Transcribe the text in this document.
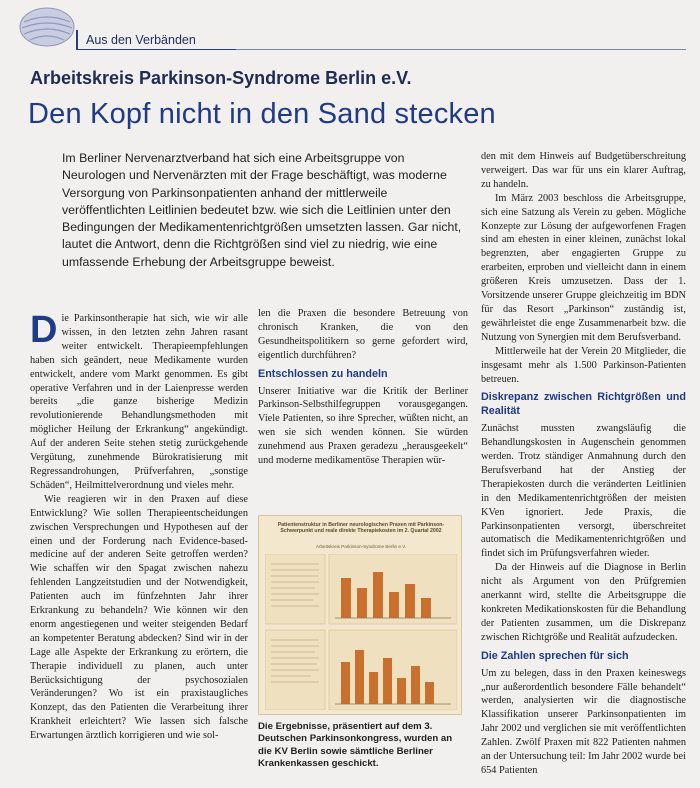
Aus den Verbänden
Arbeitskreis Parkinson-Syndrome Berlin e.V.
Den Kopf nicht in den Sand stecken
Im Berliner Nervenarztverband hat sich eine Arbeitsgruppe von Neurologen und Nervenärzten mit der Frage beschäftigt, was moderne Versorgung von Parkinsonpatienten anhand der mittlerweile veröffentlichten Leitlinien bedeutet bzw. wie sich die Leitlinien unter den Bedingungen der Medikamentenrichtgrößen umsetzten lassen. Gar nicht, lautet die Antwort, denn die Richtgrößen sind viel zu niedrig, wie eine umfassende Erhebung der Arbeitsgruppe beweist.

Die Parkinsontherapie hat sich, wie wir alle wissen, in den letzten zehn Jahren rasant weiter entwickelt. Therapieempfehlungen haben sich geändert, neue Medikamente wurden entwickelt, andere vom Markt genommen. Es gibt operative Verfahren und in der Laienpresse werden bereits „die ganze bisherige Medizin revolutionierende Behandlungsmethoden mit möglicher Heilung der Erkrankung“ angekündigt. Auf der anderen Seite stehen stetig zurückgehende Vergütung, zunehmende Bürokratisierung mit Regressandrohungen, Prüfverfahren, „sonstige Schäden“, Heilmittelverordnung und vieles mehr.

Wie reagieren wir in den Praxen auf diese Entwicklung? Wie sollen Therapieentscheidungen zwischen Versprechungen und Hypothesen auf der einen und der Forderung nach Evidence-based-medicine auf der anderen Seite getroffen werden? Wie schaffen wir den Spagat zwischen nahezu fehlenden Langzeitstudien und der Notwendigkeit, Patienten auch im fünfzehnten Jahr ihrer Erkrankung zu behandeln? Wie können wir den enorm angestiegenen und weiter steigenden Bedarf an kompetenter Beratung abdecken? Sind wir in der Lage alle Aspekte der Erkrankung zu erörtern, die Therapie individuell zu planen, auch unter Berücksichtigung der psychosozialen Veränderungen? Wo ist ein praxistaugliches Konzept, das den Patienten die Verarbeitung ihrer Krankheit erleichtert? Wie lassen sich falsche Erwartungen ärztlich korrigieren und wie sol-

len die Praxen die besondere Betreuung von chronisch Kranken, die von den Gesundheitspolitikern so gerne gefordert wird, eigentlich durchführen?

Entschlossen zu handeln

Unserer Initiative war die Kritik der Berliner Parkinson-Selbsthilfegruppen vorausgegangen. Viele Patienten, so ihre Sprecher, wüßten nicht, an wen sie sich wenden können. Sie würden zunehmend aus Praxen geradezu „herausgeekelt“ und moderne medikamentöse Therapien wür-

Patientenstruktur in Berliner neurologischen Praxen mit Parkinson-Schwerpunkt und reale direkte Therapiekosten im 2. Quartal 2002
Arbeitskreis Parkinson-Syndrome Berlin e.V.
Die Ergebnisse, präsentiert auf dem 3. Deutschen Parkinsonkongress, wurden an die KV Berlin sowie sämtliche Berliner Krankenkassen geschickt.

den mit dem Hinweis auf Budgetüberschreitung verweigert. Das war für uns ein klarer Auftrag, zu handeln.

Im März 2003 beschloss die Arbeitsgruppe, sich eine Satzung als Verein zu geben. Mögliche Konzepte zur Lösung der aufgeworfenen Fragen sind am ehesten in einer kleinen, zunächst lokal begrenzten, aber engagierten Gruppe zu erarbeiten, erproben und vielleicht dann in einem größeren Kreis umzusetzen. Dass der 1. Vorsitzende unserer Gruppe gleichzeitig im BDN für das Resort „Parkinson“ zuständig ist, gewährleistet die enge Zusammenarbeit bzw. die Nutzung von Synergien mit dem Berufsverband.

Mittlerweile hat der Verein 20 Mitglieder, die insgesamt mehr als 1.500 Parkinson-Patienten betreuen.

Diskrepanz zwischen Richtgrößen und Realität

Zunächst mussten zwangsläufig die Behandlungskosten in Augenschein genommen werden. Trotz ständiger Anmahnung durch den Berufsverband hat der Anstieg der Therapiekosten durch die veränderten Leitlinien in den Medikamentenrichtgrößen der meisten KVen ignoriert. Jede Praxis, die Parkinsonpatienten versorgt, überschreitet automatisch die Medikamentenrichtgrößen und findet sich im Prüfungsverfahren wieder.

Da der Hinweis auf die Diagnose in Berlin nicht als Argument von den Prüfgremien anerkannt wird, stellte die Arbeitsgruppe die konkreten Medikationskosten für die Behandlung der Patienten zusammen, um die Diskrepanz zwischen Richtgröße und Realität aufzudecken.

Die Zahlen sprechen für sich

Um zu belegen, dass in den Praxen keineswegs „nur außerordentlich besondere Fälle behandelt“ werden, analysierten wir die diagnostische Klassifikation unserer Parkinsonpatienten im Jahr 2002 und verglichen sie mit veröffentlichten Zahlen. Zwölf Praxen mit 822 Patienten nahmen an der Untersuchung teil: Im Jahr 2002 wurde bei 654 Patienten
